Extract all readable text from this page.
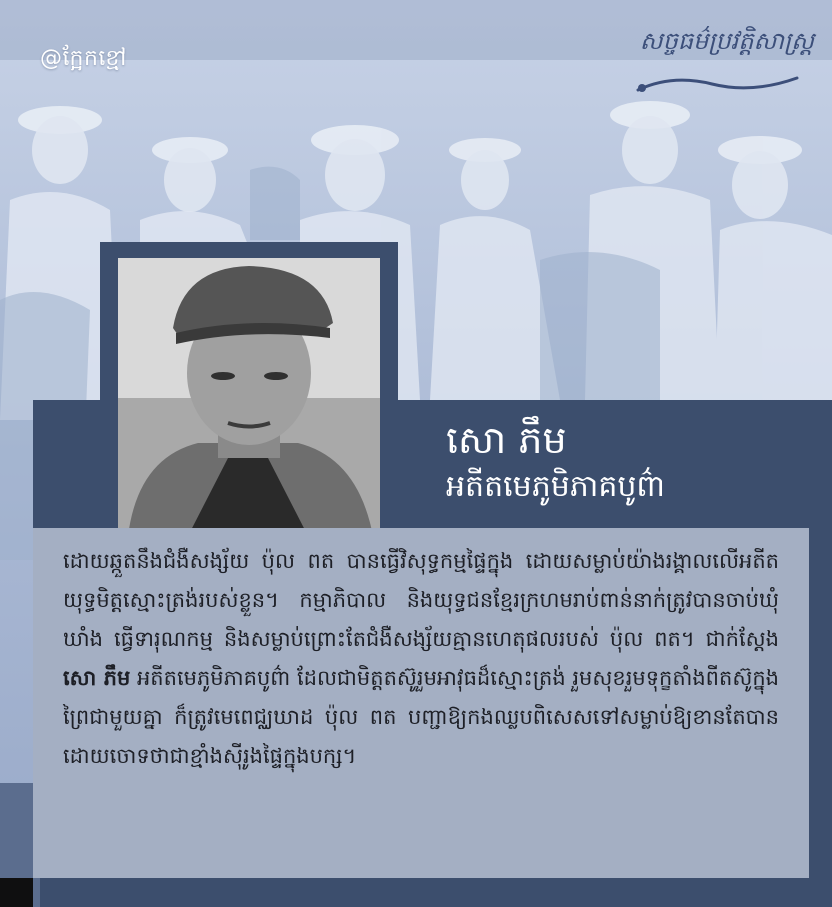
@ក្អែកខ្មៅ
សច្ចធម៌ប្រវត្តិសាស្ត្រ
សោ ភឹម
អតីតមេភូមិភាគបូព៌ា

ដោយឆ្កួតនឹងជំងឺសង្ស័យ ប៉ុល ពត បានធ្វើវិសុទ្ធកម្មផ្ទៃក្នុង ដោយសម្លាប់យ៉ាងរង្គាលលើអតីតយុទ្ធមិត្តស្មោះត្រង់របស់ខ្លួន។ កម្មាភិបាល និងយុទ្ធជនខ្មែរក្រហមរាប់ពាន់នាក់ត្រូវបានចាប់ឃុំឃាំង ធ្វើទារុណកម្ម និងសម្លាប់ព្រោះតែជំងឺសង្ស័យគ្មានហេតុផលរបស់ ប៉ុល ពត។ ជាក់ស្ដែង សោ ភឹម អតីតមេភូមិភាគបូព៌ា ដែលជាមិត្តតស៊ូរួមអាវុធដ៏ស្មោះត្រង់ រួមសុខរួមទុក្ខតាំងពីតស៊ូក្នុងព្រៃជាមួយគ្នា ក៏ត្រូវមេពេជ្ឈឃាដ ប៉ុល ពត បញ្ជាឱ្យកងឈ្លបពិសេសទៅសម្លាប់ឱ្យខានតែបាន ដោយចោទថាជាខ្មាំងស៊ីរូងផ្ទៃក្នុងបក្ស។
